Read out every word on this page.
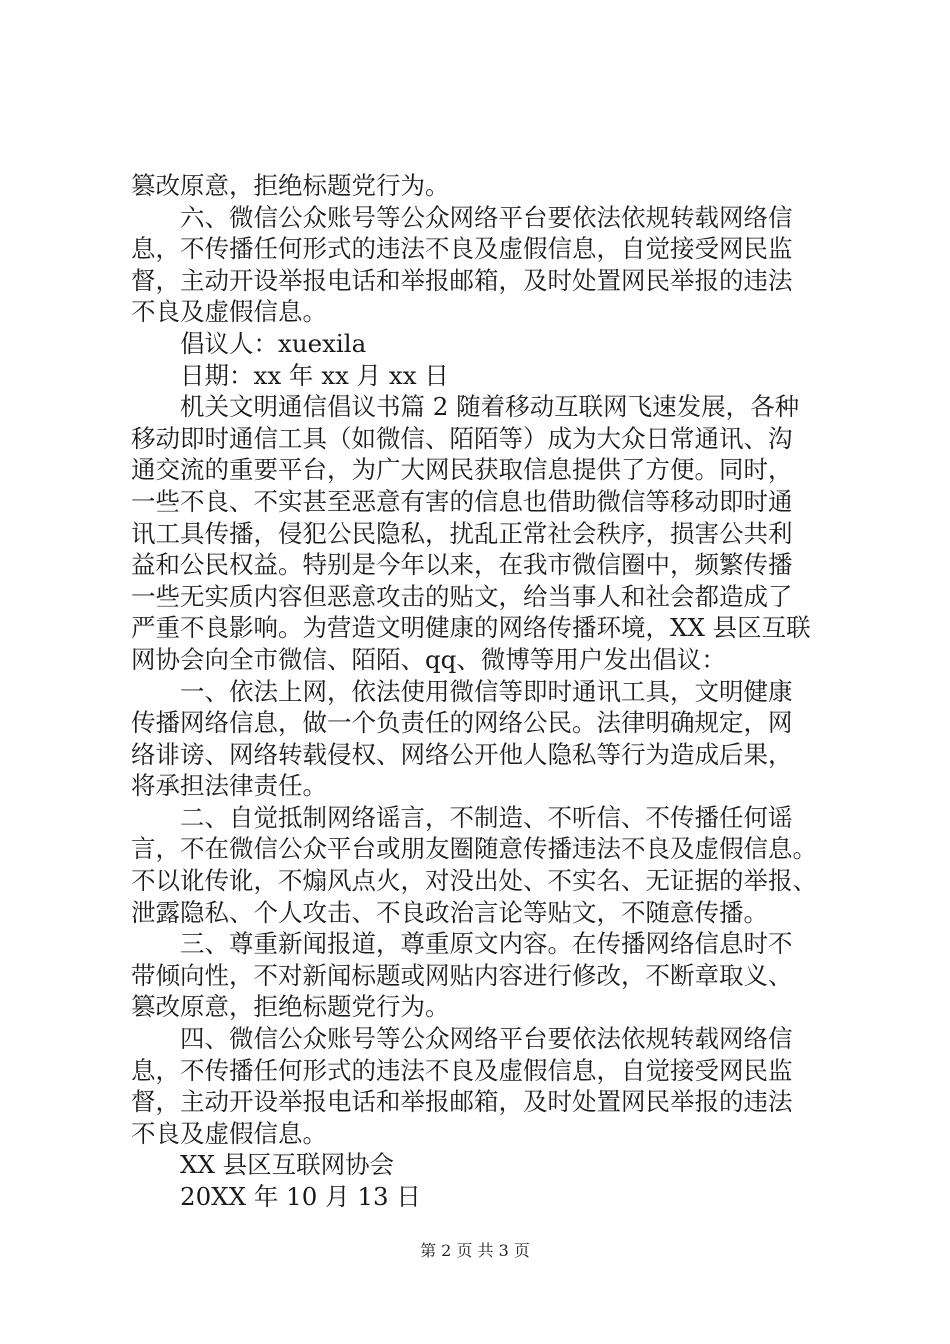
篡改原意，拒绝标题党行为。
六、微信公众账号等公众网络平台要依法依规转载网络信
息，不传播任何形式的违法不良及虚假信息，自觉接受网民监
督，主动开设举报电话和举报邮箱，及时处置网民举报的违法
不良及虚假信息。
倡议人：xuexila
日期：xx 年 xx 月 xx 日
机关文明通信倡议书篇 2 随着移动互联网飞速发展，各种
移动即时通信工具（如微信、陌陌等）成为大众日常通讯、沟
通交流的重要平台，为广大网民获取信息提供了方便。同时，
一些不良、不实甚至恶意有害的信息也借助微信等移动即时通
讯工具传播，侵犯公民隐私，扰乱正常社会秩序，损害公共利
益和公民权益。特别是今年以来，在我市微信圈中，频繁传播
一些无实质内容但恶意攻击的贴文，给当事人和社会都造成了
严重不良影响。为营造文明健康的网络传播环境，XX 县区互联
网协会向全市微信、陌陌、qq、微博等用户发出倡议：
一、依法上网，依法使用微信等即时通讯工具，文明健康
传播网络信息，做一个负责任的网络公民。法律明确规定，网
络诽谤、网络转载侵权、网络公开他人隐私等行为造成后果，
将承担法律责任。
二、自觉抵制网络谣言，不制造、不听信、不传播任何谣
言，不在微信公众平台或朋友圈随意传播违法不良及虚假信息。
不以讹传讹，不煽风点火，对没出处、不实名、无证据的举报、
泄露隐私、个人攻击、不良政治言论等贴文，不随意传播。
三、尊重新闻报道，尊重原文内容。在传播网络信息时不
带倾向性，不对新闻标题或网贴内容进行修改，不断章取义、
篡改原意，拒绝标题党行为。
四、微信公众账号等公众网络平台要依法依规转载网络信
息，不传播任何形式的违法不良及虚假信息，自觉接受网民监
督，主动开设举报电话和举报邮箱，及时处置网民举报的违法
不良及虚假信息。
XX 县区互联网协会
20XX 年 10 月 13 日
第 2 页 共 3 页
